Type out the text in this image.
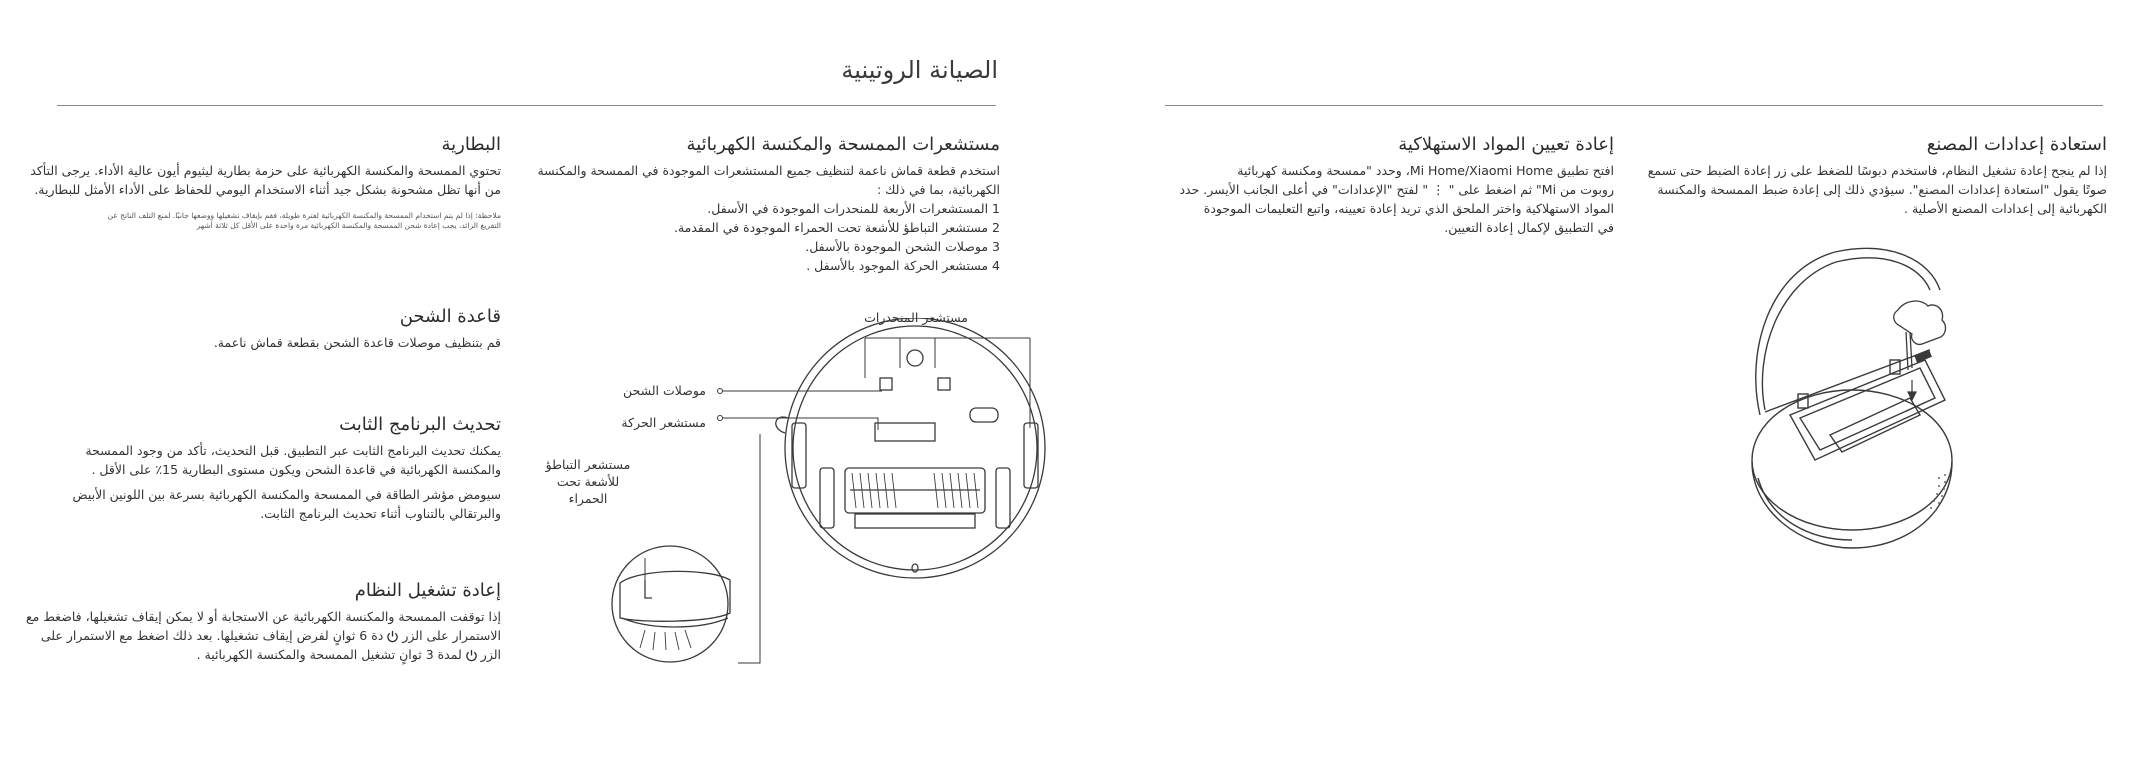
الصيانة الروتينية
استعادة إعدادات المصنع
إذا لم ينجح إعادة تشغيل النظام، فاستخدم دبوسًا للضغط على زر إعادة الضبط حتى تسمع
صوتًا يقول "استعادة إعدادات المصنع". سيؤدي ذلك إلى إعادة ضبط الممسحة والمكنسة
الكهربائية إلى إعدادات المصنع الأصلية .
إعادة تعيين المواد الاستهلاكية
افتح تطبيق Mi Home/Xiaomi Home، وحدد "ممسحة ومكنسة كهربائية
روبوت من Mi" ثم اضغط على " ⋮ " لفتح "الإعدادات" في أعلى الجانب الأيسر. حدد
المواد الاستهلاكية واختر الملحق الذي تريد إعادة تعيينه، واتبع التعليمات الموجودة
في التطبيق لإكمال إعادة التعيين.
مستشعرات الممسحة والمكنسة الكهربائية
استخدم قطعة قماش ناعمة لتنظيف جميع المستشعرات الموجودة في الممسحة والمكنسة
الكهربائية، بما في ذلك :
1 المستشعرات الأربعة للمنحدرات الموجودة في الأسفل.
2 مستشعر التباطؤ للأشعة تحت الحمراء الموجودة في المقدمة.
3 موصلات الشحن الموجودة بالأسفل.
4 مستشعر الحركة الموجود بالأسفل .
مستشعر المنحدرات
موصلات الشحن
مستشعر الحركة
مستشعر التباطؤ
للأشعة تحت
الحمراء
البطارية
تحتوي الممسحة والمكنسة الكهربائية على حزمة بطارية ليثيوم أيون عالية الأداء. يرجى التأكد
من أنها تظل مشحونة بشكل جيد أثناء الاستخدام اليومي للحفاظ على الأداء الأمثل للبطارية.
ملاحظة: إذا لم يتم استخدام الممسحة والمكنسة الكهربائية لفترة طويلة، فقم بإيقاف تشغيلها ووضعها جانبًا. لمنع التلف الناتج عن
التفريغ الزائد، يجب إعادة شحن الممسحة والمكنسة الكهربائية مرة واحدة على الأقل كل ثلاثة أشهر
قاعدة الشحن
قم بتنظيف موصلات قاعدة الشحن بقطعة قماش ناعمة.
تحديث البرنامج الثابت
يمكنك تحديث البرنامج الثابت عبر التطبيق. قبل التحديث، تأكد من وجود الممسحة
والمكنسة الكهربائية في قاعدة الشحن ويكون مستوى البطارية 15٪ على الأقل .
سيومض مؤشر الطاقة في الممسحة والمكنسة الكهربائية بسرعة بين اللونين الأبيض
والبرتقالي بالتناوب أثناء تحديث البرنامج الثابت.
إعادة تشغيل النظام
إذا توقفت الممسحة والمكنسة الكهربائية عن الاستجابة أو لا يمكن إيقاف تشغيلها، فاضغط مع
الاستمرار على الزردة 6 ثوانٍ لفرض إيقاف تشغيلها. بعد ذلك اضغط مع الاستمرار على
الزرلمدة 3 ثوانٍ تشغيل الممسحة والمكنسة الكهربائية .
